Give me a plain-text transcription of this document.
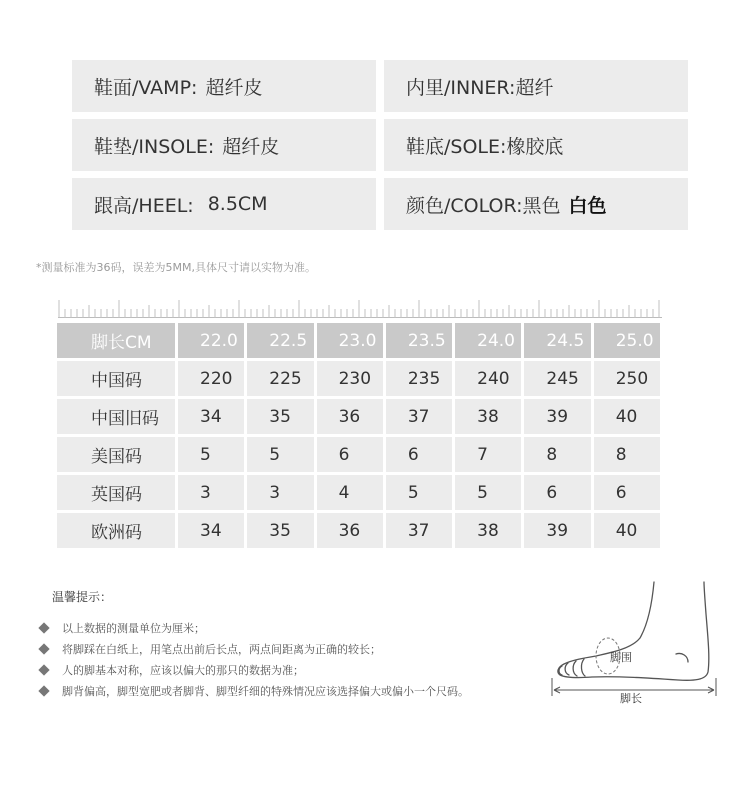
鞋面/VAMP: 超纤皮	内里/INNER: 超纤
鞋垫/INSOLE: 超纤皮	鞋底/SOLE: 橡胶底
跟高/HEEL: 8.5CM	颜色/COLOR: 黑色 白色
*测量标准为36码，误差为5MM,具体尺寸请以实物为准。
脚长CM	22.0	22.5	23.0	23.5	24.0	24.5	25.0
中国码	220	225	230	235	240	245	250
中国旧码	34	35	36	37	38	39	40
美国码	5	5	6	6	7	8	8
英国码	3	3	4	5	5	6	6
欧洲码	34	35	36	37	38	39	40
温馨提示：
以上数据的测量单位为厘米；
将脚踩在白纸上，用笔点出前后长点，两点间距离为正确的较长；
人的脚基本对称，应该以偏大的那只的数据为准；
脚背偏高，脚型宽肥或者脚背、脚型纤细的特殊情况应该选择偏大或偏小一个尺码。
脚围
脚长
